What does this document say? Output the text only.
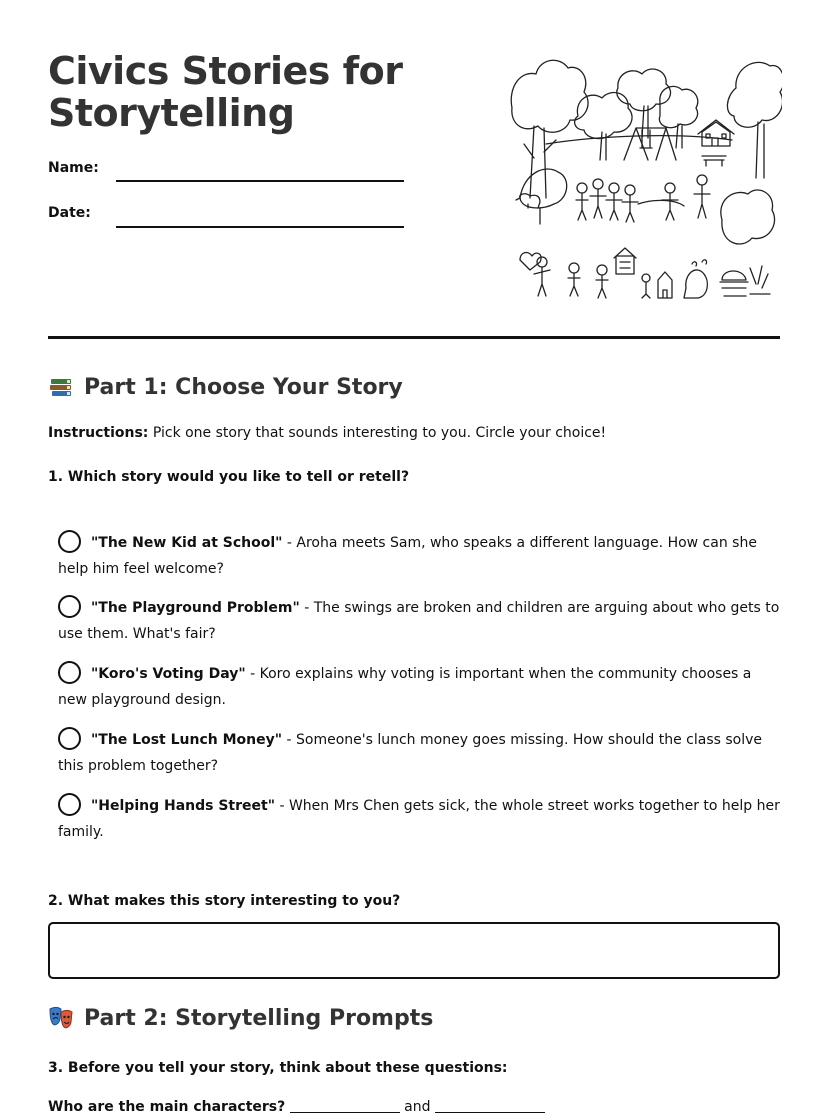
Civics Stories for Storytelling
Name:
Date:
Part 1: Choose Your Story
Instructions: Pick one story that sounds interesting to you. Circle your choice!
1. Which story would you like to tell or retell?
"The New Kid at School" - Aroha meets Sam, who speaks a different language. How can she help him feel welcome?
"The Playground Problem" - The swings are broken and children are arguing about who gets to use them. What's fair?
"Koro's Voting Day" - Koro explains why voting is important when the community chooses a new playground design.
"The Lost Lunch Money" - Someone's lunch money goes missing. How should the class solve this problem together?
"Helping Hands Street" - When Mrs Chen gets sick, the whole street works together to help her family.
2. What makes this story interesting to you?
Part 2: Storytelling Prompts
3. Before you tell your story, think about these questions:
Who are the main characters?	and
